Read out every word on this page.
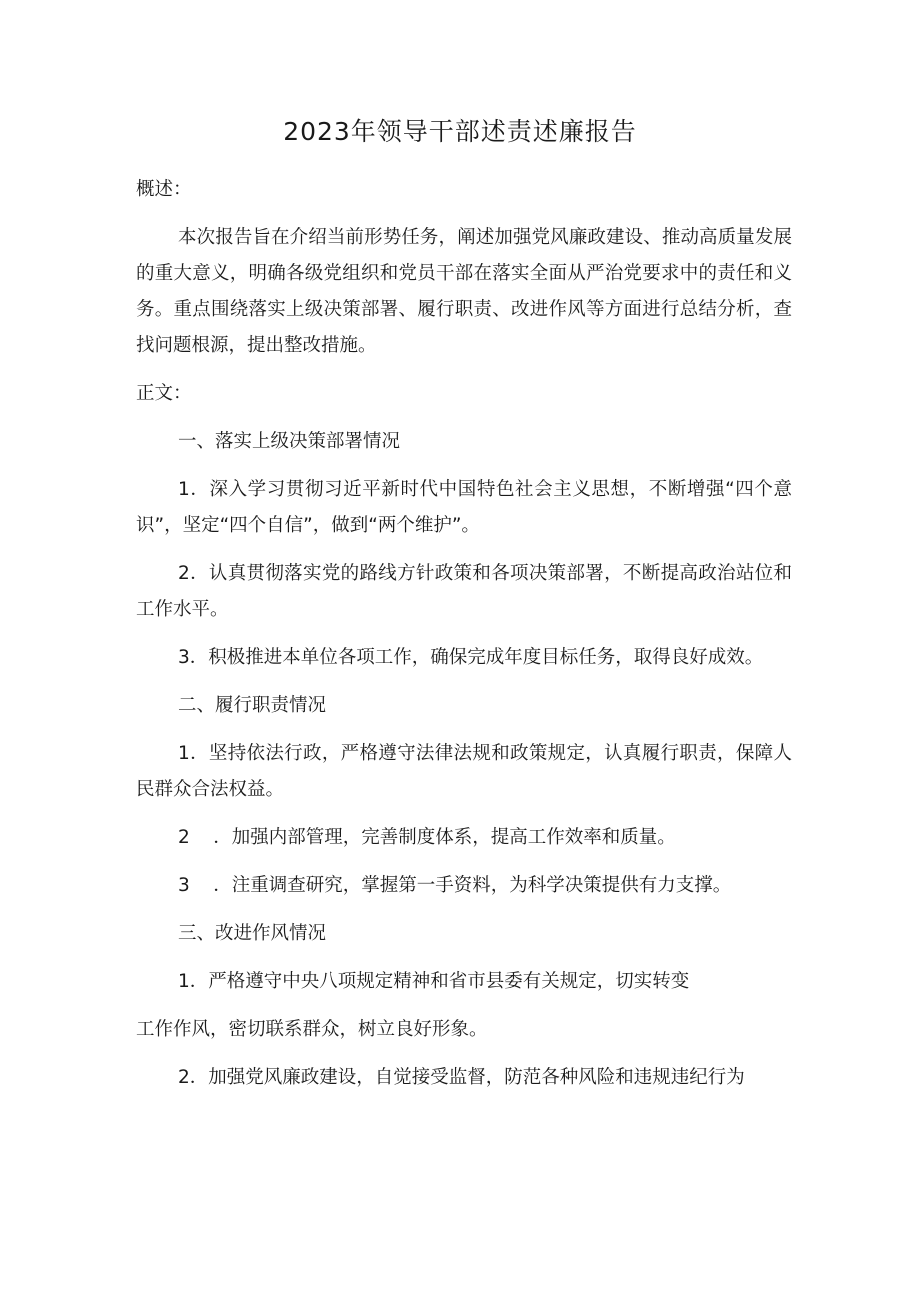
2023年领导干部述责述廉报告
概述：

本次报告旨在介绍当前形势任务，阐述加强党风廉政建设、推动高质量发展的重大意义，明确各级党组织和党员干部在落实全面从严治党要求中的责任和义务。重点围绕落实上级决策部署、履行职责、改进作风等方面进行总结分析，查找问题根源，提出整改措施。

正文：

一、落实上级决策部署情况

1．深入学习贯彻习近平新时代中国特色社会主义思想，不断增强“四个意识”，坚定“四个自信”，做到“两个维护”。

2．认真贯彻落实党的路线方针政策和各项决策部署，不断提高政治站位和工作水平。

3．积极推进本单位各项工作，确保完成年度目标任务，取得良好成效。

二、履行职责情况

1．坚持依法行政，严格遵守法律法规和政策规定，认真履行职责，保障人民群众合法权益。

2    ．加强内部管理，完善制度体系，提高工作效率和质量。

3    ．注重调查研究，掌握第一手资料，为科学决策提供有力支撑。

三、改进作风情况

1．严格遵守中央八项规定精神和省市县委有关规定，切实转变

工作作风，密切联系群众，树立良好形象。

2．加强党风廉政建设，自觉接受监督，防范各种风险和违规违纪行为
